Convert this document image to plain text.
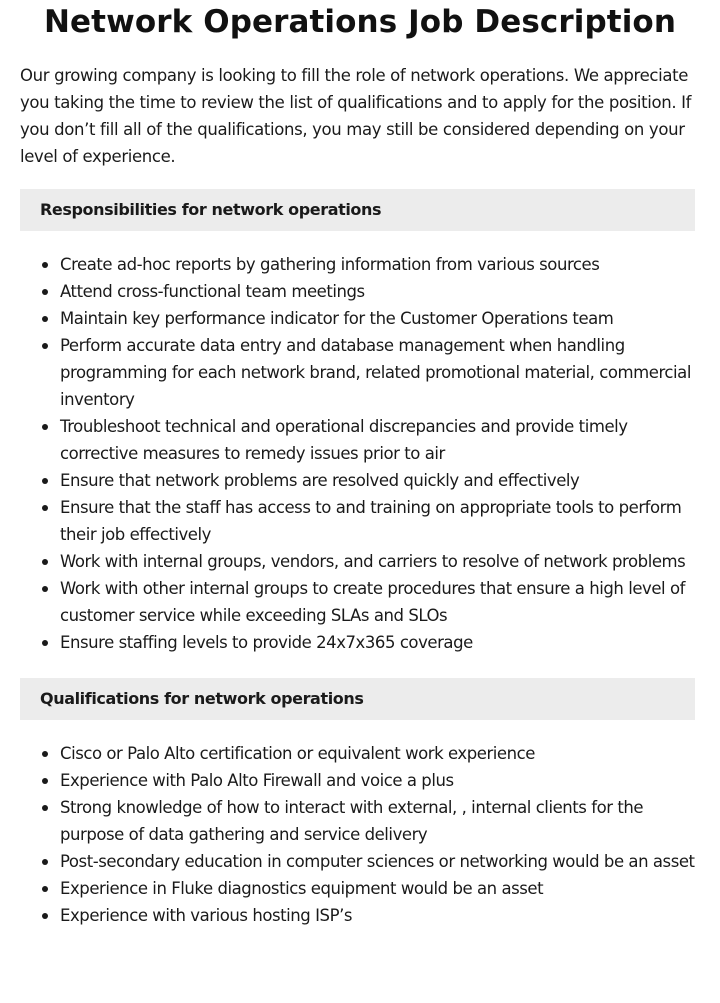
Network Operations Job Description

Our growing company is looking to fill the role of network operations. We appreciate you taking the time to review the list of qualifications and to apply for the position. If you don’t fill all of the qualifications, you may still be considered depending on your level of experience.

Responsibilities for network operations
Create ad-hoc reports by gathering information from various sources
Attend cross-functional team meetings
Maintain key performance indicator for the Customer Operations team
Perform accurate data entry and database management when handling programming for each network brand, related promotional material, commercial inventory
Troubleshoot technical and operational discrepancies and provide timely corrective measures to remedy issues prior to air
Ensure that network problems are resolved quickly and effectively
Ensure that the staff has access to and training on appropriate tools to perform their job effectively
Work with internal groups, vendors, and carriers to resolve of network problems
Work with other internal groups to create procedures that ensure a high level of customer service while exceeding SLAs and SLOs
Ensure staffing levels to provide 24x7x365 coverage
Qualifications for network operations
Cisco or Palo Alto certification or equivalent work experience
Experience with Palo Alto Firewall and voice a plus
Strong knowledge of how to interact with external, , internal clients for the purpose of data gathering and service delivery
Post-secondary education in computer sciences or networking would be an asset
Experience in Fluke diagnostics equipment would be an asset
Experience with various hosting ISP’s
